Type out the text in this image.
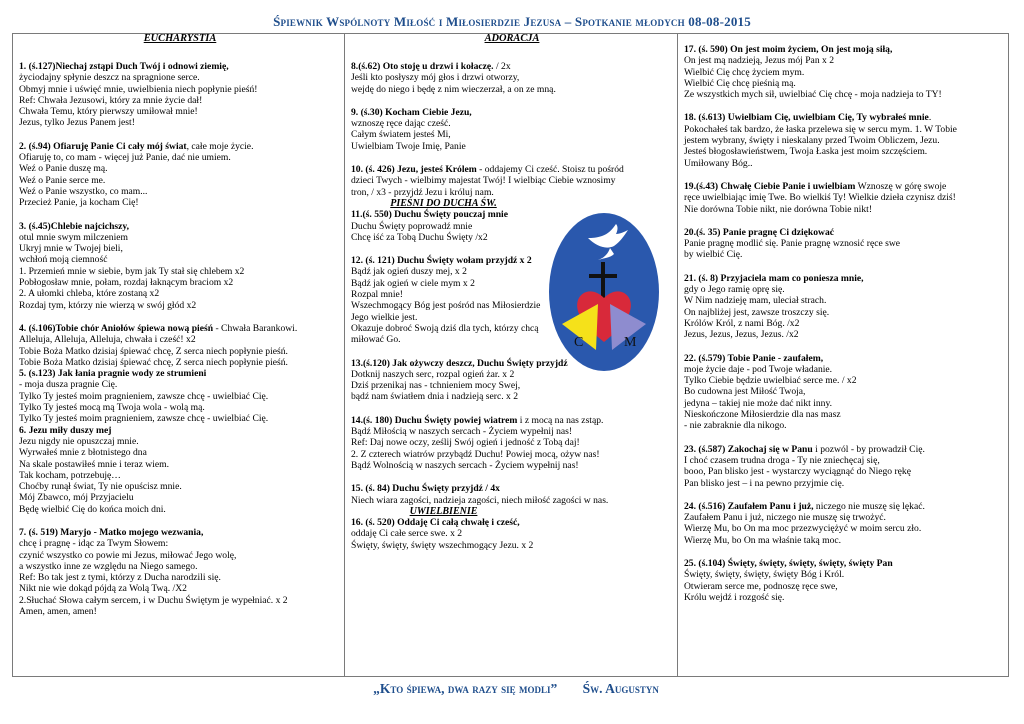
Śpiewnik Wspólnoty Miłość i Miłosierdzie Jezusa – Spotkanie młodych 08-08-2015

EUCHARYSTIA

1. (ś.127)Niechaj zstąpi Duch Twój i odnowi ziemię,

życiodajny spłynie deszcz na spragnione serce.

Obmyj mnie i uświęć mnie, uwielbienia niech popłynie pieśń!

Ref: Chwała Jezusowi, który za mnie życie dał!

Chwała Temu, który pierwszy umiłował mnie!

Jezus, tylko Jezus Panem jest!

2. (ś.94) Ofiaruję Panie Ci cały mój świat, całe moje życie.

Ofiaruję to, co mam - więcej już Panie, dać nie umiem.

Weź o Panie duszę mą.

Weź o Panie serce me.

Weź o Panie wszystko, co mam...

Przecież Panie, ja kocham Cię!

3. (ś.45)Chlebie najcichszy,

otul mnie swym milczeniem

Ukryj mnie w Twojej bieli,

wchłoń moją ciemność

1. Przemień mnie w siebie, bym jak Ty stał się chlebem x2

Pobłogosław mnie, połam, rozdaj łaknącym braciom x2

2. A ułomki chleba, które zostaną x2

Rozdaj tym, którzy nie wierzą w swój głód x2

4. (ś.106)Tobie chór Aniołów śpiewa nową pieśń - Chwała Barankowi.

Alleluja, Alleluja, Alleluja, chwała i cześć! x2

Tobie Boża Matko dzisiaj śpiewać chcę, Z serca niech popłynie pieśń.

Tobie Boża Matko dzisiaj śpiewać chcę, Z serca niech popłynie pieśń.

5. (s.123) Jak łania pragnie wody ze strumieni

- moja dusza pragnie Cię.

Tylko Ty jesteś moim pragnieniem, zawsze chcę - uwielbiać Cię.

Tylko Ty jesteś mocą mą Twoja wola - wolą mą.

Tylko Ty jesteś moim pragnieniem, zawsze chcę - uwielbiać Cię.

6. Jezu miły duszy mej

Jezu nigdy nie opuszczaj mnie.

Wyrwałeś mnie z błotnistego dna

Na skale postawiłeś mnie i teraz wiem.

Tak kocham, potrzebuję…

Choćby runął świat, Ty nie opuścisz mnie.

Mój Zbawco, mój Przyjacielu

Będę wielbić Cię do końca moich dni.

7. (ś. 519) Maryjo - Matko mojego wezwania,

chcę i pragnę - idąc za Twym Słowem:

czynić wszystko co powie mi Jezus, miłować Jego wolę,

a wszystko inne ze względu na Niego samego.

Ref: Bo tak jest z tymi, którzy z Ducha narodzili się.

Nikt nie wie dokąd pójdą za Wolą Twą. /X2

2.Słuchać Słowa całym sercem, i w Duchu Świętym je wypełniać. x 2

Amen, amen, amen!

ADORACJA

8.(ś.62) Oto stoję u drzwi i kołaczę. / 2x

Jeśli kto posłyszy mój głos i drzwi otworzy,

wejdę do niego i będę z nim wieczerzał, a on ze mną.

9. (ś.30) Kocham Ciebie Jezu,

wznoszę ręce dając cześć.

Całym światem jesteś Mi,

Uwielbiam Twoje Imię, Panie

10. (ś. 426) Jezu, jesteś Królem - oddajemy Ci cześć. Stoisz tu pośród

dzieci Twych - wielbimy majestat Twój! I wielbiąc Ciebie wznosimy

tron, / x3 - przyjdź Jezu i króluj nam.

PIEŚNI DO DUCHA ŚW.

11.(ś. 550) Duchu Święty pouczaj mnie

Duchu Święty poprowadź mnie

Chcę iść za Tobą Duchu Święty /x2

12. (ś. 121) Duchu Święty wołam przyjdź x 2

Bądź jak ogień duszy mej, x 2

Bądź jak ogień w ciele mym x 2

Rozpal mnie!

Wszechmogący Bóg jest pośród nas Miłosierdzie Jego wielkie jest.

Okazuje dobroć Swoją dziś dla tych, którzy chcą miłować Go.

13.(ś.120) Jak ożywczy deszcz, Duchu Święty przyjdź

Dotknij naszych serc, rozpal ogień żar. x 2

Dziś przenikaj nas - tchnieniem mocy Swej,

bądź nam światłem dnia i nadzieją serc. x 2

14.(ś. 180) Duchu Święty powiej wiatrem i z mocą na nas zstąp.

Bądź Miłością w naszych sercach - Życiem wypełnij nas!

Ref: Daj nowe oczy, ześlij Swój ogień i jedność z Tobą daj!

2. Z czterech wiatrów przybądź Duchu! Powiej mocą, ożyw nas!

Bądź Wolnością w naszych sercach - Życiem wypełnij nas!

15. (ś. 84) Duchu Święty przyjdź / 4x

Niech wiara zagości, nadzieja zagości, niech miłość zagości w nas.

UWIELBIENIE

16. (ś. 520) Oddaję Ci całą chwałę i cześć,

oddaję Ci całe serce swe. x 2

Święty, święty, święty wszechmogący Jezu. x 2

17. (ś. 590) On jest moim życiem, On jest moją siłą,

On jest mą nadzieją, Jezus mój Pan x 2

Wielbić Cię chcę życiem mym.

Wielbić Cię chcę pieśnią mą.

Ze wszystkich mych sił, uwielbiać Cię chcę - moja nadzieja to TY!

18. (ś.613) Uwielbiam Cię, uwielbiam Cię, Ty wybrałeś mnie.

Pokochałeś tak bardzo, że łaska przelewa się w sercu mym. 1. W Tobie

jestem wybrany, święty i nieskalany przed Twoim Obliczem, Jezu.

Jesteś błogosławieństwem, Twoja Łaska jest moim szczęściem.

Umiłowany Bóg..

19.(ś.43) Chwałę Ciebie Panie i uwielbiam Wznoszę w górę swoje

ręce uwielbiając imię Twe. Bo wielkiś Ty! Wielkie dzieła czynisz dziś!

Nie dorówna Tobie nikt, nie dorówna Tobie nikt!

20.(ś. 35) Panie pragnę Ci dziękować

Panie pragnę modlić się. Panie pragnę wznosić ręce swe

by wielbić Cię.

21. (ś. 8) Przyjaciela mam co poniesza mnie,

gdy o Jego ramię oprę się.

W Nim nadzieję mam, uleciał strach.

On najbliżej jest, zawsze troszczy się.

Królów Król, z nami Bóg. /x2

Jezus, Jezus, Jezus, Jezus. /x2

22. (ś.579) Tobie Panie - zaufałem,

moje życie daje - pod Twoje władanie.

Tylko Ciebie będzie uwielbiać serce me. / x2

Bo cudowna jest Miłość Twoja,

jedyna – takiej nie może dać nikt inny.

Nieskończone Miłosierdzie dla nas masz

- nie zabraknie dla nikogo.

23. (ś.587) Zakochaj się w Panu i pozwól - by prowadził Cię.

I choć czasem trudna droga - Ty nie zniechęcaj się,

booo, Pan blisko jest - wystarczy wyciągnąć do Niego rękę

Pan blisko jest – i na pewno przyjmie cię.

24. (ś.516) Zaufałem Panu i już, niczego nie muszę się lękać.

Zaufałem Panu i już, niczego nie muszę się trwożyć.

Wierzę Mu, bo On ma moc przezwyciężyć w moim sercu zło.

Wierzę Mu, bo On ma właśnie taką moc.

25. (ś.104) Święty, święty, święty, święty, święty Pan

Święty, święty, święty, święty Bóg i Król.

Otwieram serce me, podnoszę ręce swe,

Królu wejdź i rozgość się.

C	M
„Kto śpiewa, dwa razy się modli” Św. Augustyn
